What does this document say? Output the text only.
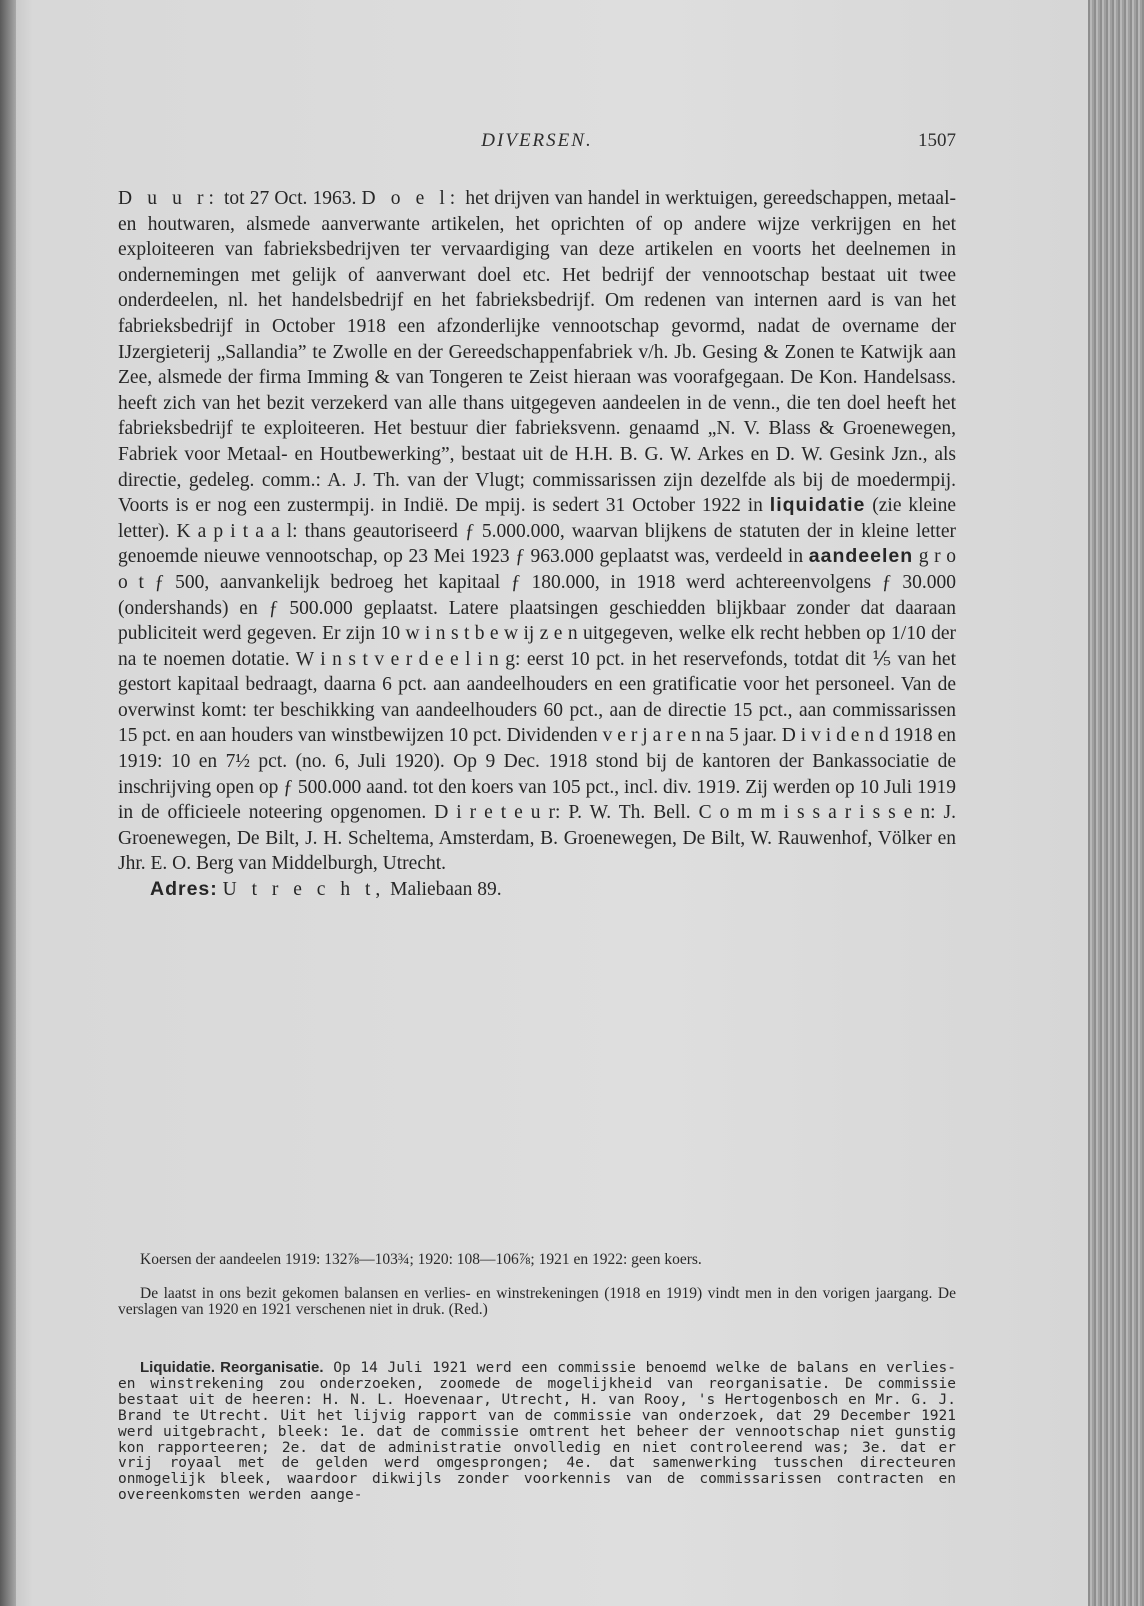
DIVERSEN.	1507

D u u r: tot 27 Oct. 1963. D o e l: het drijven van handel in werktuigen, gereedschappen, metaal- en houtwaren, alsmede aanverwante artikelen, het oprichten of op andere wijze verkrijgen en het exploiteeren van fabrieksbedrijven ter vervaardiging van deze artikelen en voorts het deelnemen in ondernemingen met gelijk of aanverwant doel etc. Het bedrijf der vennootschap bestaat uit twee onderdeelen, nl. het handelsbedrijf en het fabrieksbedrijf. Om redenen van internen aard is van het fabrieksbedrijf in October 1918 een afzonderlijke vennootschap gevormd, nadat de overname der IJzergieterij „Sallandia” te Zwolle en der Gereedschappenfabriek v/h. Jb. Gesing & Zonen te Katwijk aan Zee, alsmede der firma Imming & van Tongeren te Zeist hieraan was voorafgegaan. De Kon. Handelsass. heeft zich van het bezit verzekerd van alle thans uitgegeven aandeelen in de venn., die ten doel heeft het fabrieksbedrijf te exploiteeren. Het bestuur dier fabrieksvenn. genaamd „N. V. Blass & Groenewegen, Fabriek voor Metaal- en Houtbewerking”, bestaat uit de H.H. B. G. W. Arkes en D. W. Gesink Jzn., als directie, gedeleg. comm.: A. J. Th. van der Vlugt; commissarissen zijn dezelfde als bij de moedermpij. Voorts is er nog een zustermpij. in Indië. De mpij. is sedert 31 October 1922 in liquidatie (zie kleine letter). K a p i t a a l: thans geautoriseerd ƒ 5.000.000, waarvan blijkens de statuten der in kleine letter genoemde nieuwe vennootschap, op 23 Mei 1923 ƒ 963.000 geplaatst was, verdeeld in aandeelen g r o o t ƒ 500, aanvankelijk bedroeg het kapitaal ƒ 180.000, in 1918 werd achtereenvolgens ƒ 30.000 (ondershands) en ƒ 500.000 geplaatst. Latere plaatsingen geschiedden blijkbaar zonder dat daaraan publiciteit werd gegeven. Er zijn 10 w i n s t b e w ij z e n uitgegeven, welke elk recht hebben op 1/10 der na te noemen dotatie. W i n s t v e r d e e l i n g: eerst 10 pct. in het reservefonds, totdat dit ⅕ van het gestort kapitaal bedraagt, daarna 6 pct. aan aandeelhouders en een gratificatie voor het personeel. Van de overwinst komt: ter beschikking van aandeelhouders 60 pct., aan de directie 15 pct., aan commissarissen 15 pct. en aan houders van winstbewijzen 10 pct. Dividenden v e r j a r e n na 5 jaar. D i v i d e n d 1918 en 1919: 10 en 7½ pct. (no. 6, Juli 1920). Op 9 Dec. 1918 stond bij de kantoren der Bankassociatie de inschrijving open op ƒ 500.000 aand. tot den koers van 105 pct., incl. div. 1919. Zij werden op 10 Juli 1919 in de officieele noteering opgenomen. D i r e t e u r: P. W. Th. Bell. C o m m i s s a r i s s e n: J. Groenewegen, De Bilt, J. H. Scheltema, Amsterdam, B. Groenewegen, De Bilt, W. Rauwenhof, Völker en Jhr. E. O. Berg van Middelburgh, Utrecht.

Adres: U t r e c h t, Maliebaan 89.

Koersen der aandeelen 1919: 132⅞—103¾; 1920: 108—106⅞; 1921 en 1922: geen koers.

De laatst in ons bezit gekomen balansen en verlies- en winstrekeningen (1918 en 1919) vindt men in den vorigen jaargang. De verslagen van 1920 en 1921 verschenen niet in druk. (Red.)

Liquidatie. Reorganisatie. Op 14 Juli 1921 werd een commissie benoemd welke de balans en verlies- en winstrekening zou onderzoeken, zoomede de mogelijkheid van reorganisatie. De commissie bestaat uit de heeren: H. N. L. Hoevenaar, Utrecht, H. van Rooy, 's Hertogenbosch en Mr. G. J. Brand te Utrecht. Uit het lijvig rapport van de commissie van onderzoek, dat 29 December 1921 werd uitgebracht, bleek: 1e. dat de commissie omtrent het beheer der vennootschap niet gunstig kon rapporteeren; 2e. dat de administratie onvolledig en niet controleerend was; 3e. dat er vrij royaal met de gelden werd omgesprongen; 4e. dat samenwerking tusschen directeuren onmogelijk bleek, waardoor dikwijls zonder voorkennis van de commissarissen contracten en overeenkomsten werden aange-
